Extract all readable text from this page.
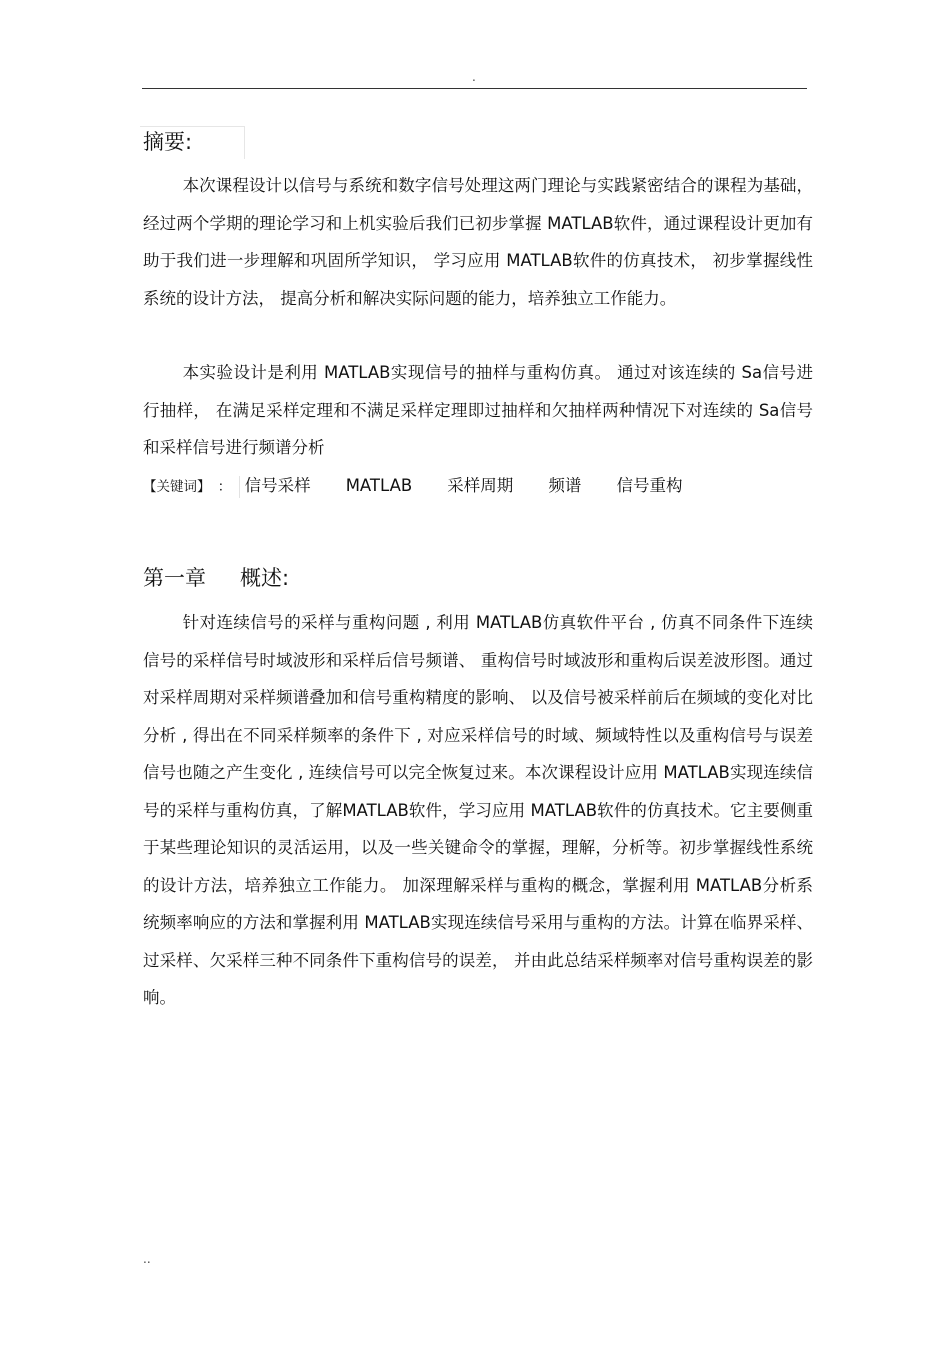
.
摘要:

本次课程设计以信号与系统和数字信号处理这两门理论与实践紧密结合的课程为基础，经过两个学期的理论学习和上机实验后我们已初步掌握 MATLAB软件，通过课程设计更加有助于我们进一步理解和巩固所学知识， 学习应用 MATLAB软件的仿真技术， 初步掌握线性系统的设计方法， 提高分析和解决实际问题的能力，培养独立工作能力。

本实验设计是利用 MATLAB实现信号的抽样与重构仿真。 通过对该连续的 Sa信号进行抽样， 在满足采样定理和不满足采样定理即过抽样和欠抽样两种情况下对连续的 Sa信号和采样信号进行频谱分析

【关键词】 ： 信号采样 MATLAB 采样周期 频谱 信号重构
第一章 概述:

针对连续信号的采样与重构问题 , 利用 MATLAB仿真软件平台 , 仿真不同条件下连续信号的采样信号时域波形和采样后信号频谱、 重构信号时域波形和重构后误差波形图。通过对采样周期对采样频谱叠加和信号重构精度的影响、 以及信号被采样前后在频域的变化对比分析 , 得出在不同采样频率的条件下 , 对应采样信号的时域、频域特性以及重构信号与误差信号也随之产生变化 , 连续信号可以完全恢复过来。本次课程设计应用 MATLAB实现连续信号的采样与重构仿真，了解MATLAB软件，学习应用 MATLAB软件的仿真技术。它主要侧重于某些理论知识的灵活运用，以及一些关键命令的掌握，理解，分析等。初步掌握线性系统的设计方法，培养独立工作能力。 加深理解采样与重构的概念，掌握利用 MATLAB分析系统频率响应的方法和掌握利用 MATLAB实现连续信号采用与重构的方法。计算在临界采样、过采样、欠采样三种不同条件下重构信号的误差， 并由此总结采样频率对信号重构误差的影响。

..
